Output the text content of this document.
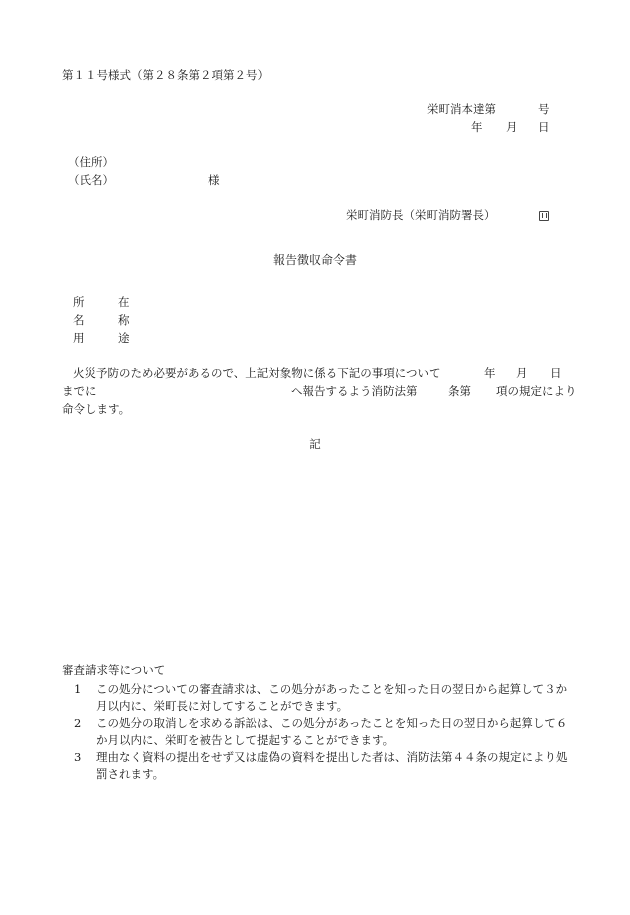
第１１号様式（第２８条第２項第２号）
栄町消本達第	号
年 月 日
（住所）
（氏名）	様
栄町消防長（栄町消防署長）
報告徴収命令書
所	在
名	称
用	途
火災予防のため必要があるので、上記対象物に係る下記の事項について	年 月 日
までに	へ報告するよう消防法第	条第 項の規定により
命令します。
記
審査請求等について
1	この処分についての審査請求は、この処分があったことを知った日の翌日から起算して３か月以内に、栄町長に対してすることができます。
2	この処分の取消しを求める訴訟は、この処分があったことを知った日の翌日から起算して６か月以内に、栄町を被告として提起することができます。
3	理由なく資料の提出をせず又は虚偽の資料を提出した者は、消防法第４４条の規定により処罰されます。
